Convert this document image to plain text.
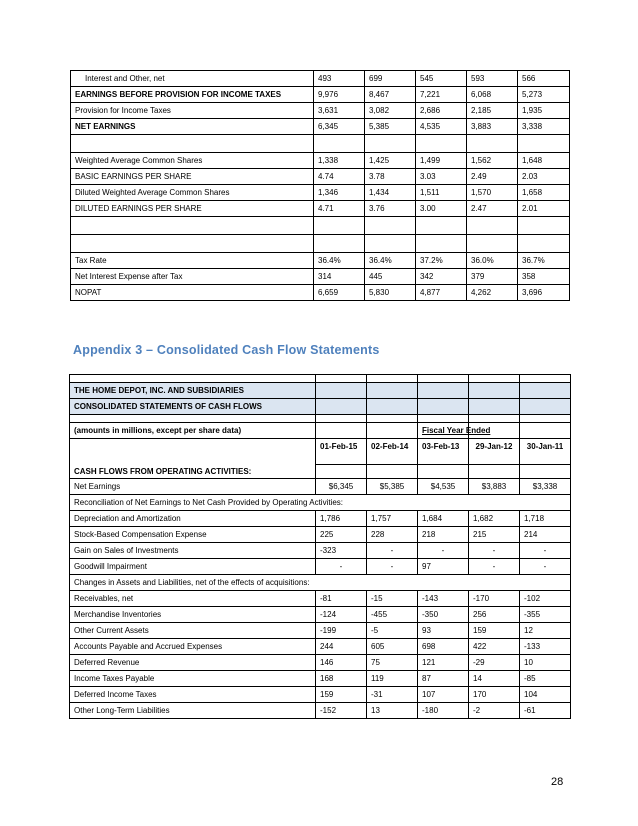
Interest and Other, net	493	699	545	593	566
EARNINGS BEFORE PROVISION FOR INCOME TAXES	9,976	8,467	7,221	6,068	5,273
Provision for Income Taxes	3,631	3,082	2,686	2,185	1,935
NET EARNINGS	6,345	5,385	4,535	3,883	3,338

Weighted Average Common Shares	1,338	1,425	1,499	1,562	1,648
BASIC EARNINGS PER SHARE	4.74	3.78	3.03	2.49	2.03
Diluted Weighted Average Common Shares	1,346	1,434	1,511	1,570	1,658
DILUTED EARNINGS PER SHARE	4.71	3.76	3.00	2.47	2.01

Tax Rate	36.4%	36.4%	37.2%	36.0%	36.7%
Net Interest Expense after Tax	314	445	342	379	358
NOPAT	6,659	5,830	4,877	4,262	3,696
Appendix 3 – Consolidated Cash Flow Statements

THE HOME DEPOT, INC. AND SUBSIDIARIES					
CONSOLIDATED STATEMENTS OF CASH FLOWS					

(amounts in millions, except per share data)			Fiscal Year Ended		
	01-Feb-15	02-Feb-14	03-Feb-13	29-Jan-12	30-Jan-11
CASH FLOWS FROM OPERATING ACTIVITIES:					
Net Earnings	$6,345	$5,385	$4,535	$3,883	$3,338
Reconciliation of Net Earnings to Net Cash Provided by Operating Activities:					
Depreciation and Amortization	1,786	1,757	1,684	1,682	1,718
Stock-Based Compensation Expense	225	228	218	215	214
Gain on Sales of Investments	-323	-	-	-	-
Goodwill Impairment	-	-	97	-	-
Changes in Assets and Liabilities, net of the effects of acquisitions:					
Receivables, net	-81	-15	-143	-170	-102
Merchandise Inventories	-124	-455	-350	256	-355
Other Current Assets	-199	-5	93	159	12
Accounts Payable and Accrued Expenses	244	605	698	422	-133
Deferred Revenue	146	75	121	-29	10
Income Taxes Payable	168	119	87	14	-85
Deferred Income Taxes	159	-31	107	170	104
Other Long-Term Liabilities	-152	13	-180	-2	-61
28
